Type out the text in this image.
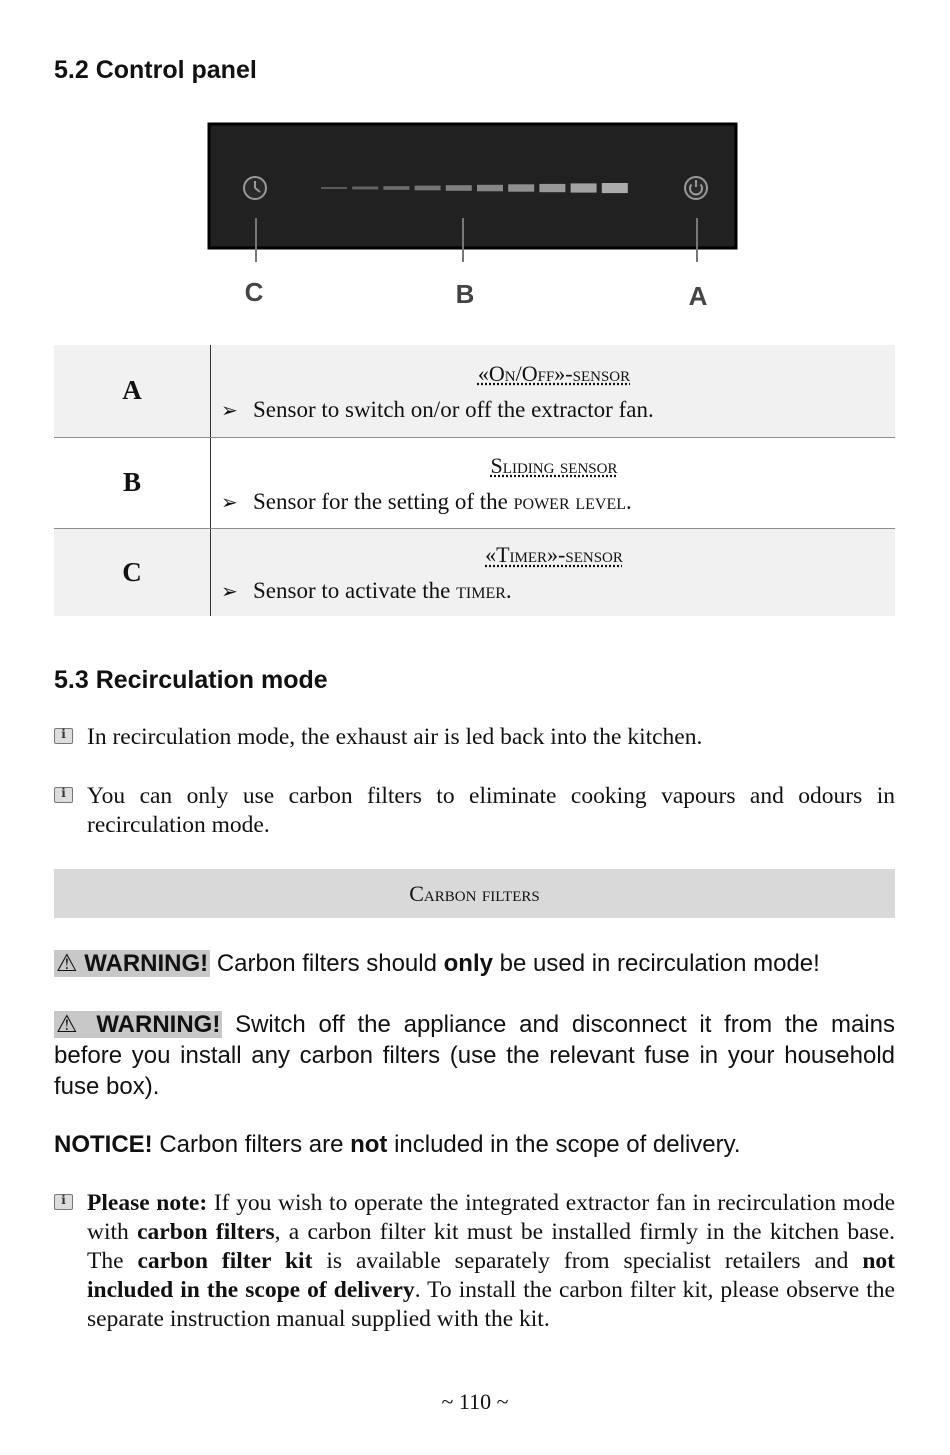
5.2 Control panel
C	B	A
A	«On/Off»-sensor
➢ Sensor to switch on/or off the extractor fan.

B	Sliding sensor
➢ Sensor for the setting of the power level.

C	«Timer»-sensor
➢ Sensor to activate the timer.
5.3 Recirculation mode
i
In recirculation mode, the exhaust air is led back into the kitchen.
i
You can only use carbon filters to eliminate cooking vapours and odours in recirculation mode.
Carbon filters
⚠ WARNING! Carbon filters should only be used in recirculation mode!
⚠ WARNING! Switch off the appliance and disconnect it from the mains before you install any carbon filters (use the relevant fuse in your household fuse box).
NOTICE! Carbon filters are not included in the scope of delivery.
i
Please note: If you wish to operate the integrated extractor fan in recirculation mode with carbon filters, a carbon filter kit must be installed firmly in the kitchen base. The carbon filter kit is available separately from specialist retailers and not included in the scope of delivery. To install the carbon filter kit, please observe the separate instruction manual supplied with the kit.
~ 110 ~
